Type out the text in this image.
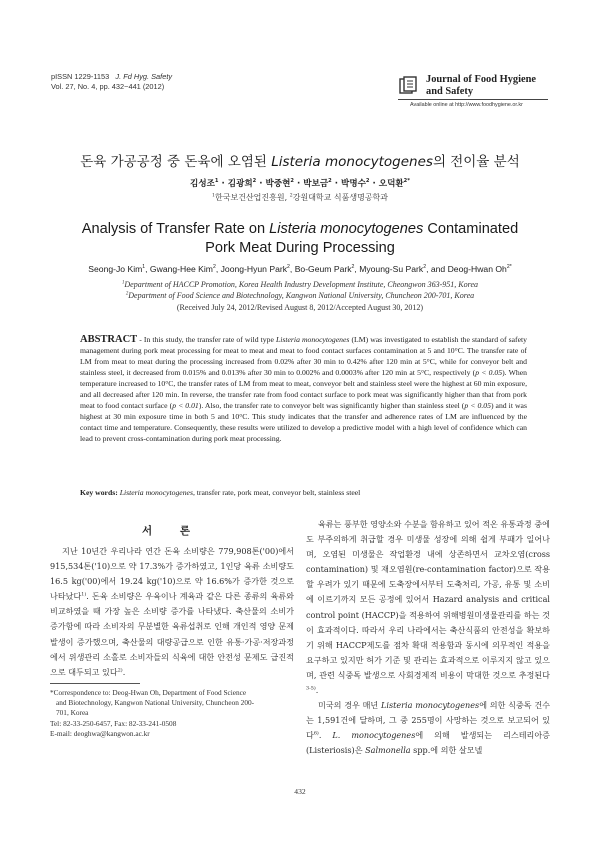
pISSN 1229-1153 J. Fd Hyg. Safety
Vol. 27, No. 4, pp. 432~441 (2012)
Journal of Food Hygiene
and Safety
Available online at http://www.foodhygiene.or.kr
돈육 가공공정 중 돈육에 오염된 Listeria monocytogenes의 전이율 분석
김성조$^1$ · 김광희$^2$ · 박중현$^2$ · 박보금$^2$ · 박명수$^2$ · 오덕환$^{2*}$
$^1$한국보건산업진흥원, $^2$강원대학교 식품생명공학과
Analysis of Transfer Rate on Listeria monocytogenes Contaminated
Pork Meat During Processing
Seong-Jo Kim$^1$, Gwang-Hee Kim$^2$, Joong-Hyun Park$^2$, Bo-Geum Park$^2$, Myoung-Su Park$^2$, and Deog-Hwan $Oh^{2*}$
$^1$Department of HACCP Promotion, Korea Health Industry Development Institute, Cheongwon 363-951, Korea
$^2$Department of Food Science and Biotechnology, Kangwon National University, Chuncheon 200-701, Korea
(Received July 24, 2012/Revised August 8, 2012/Accepted August 30, 2012)
ABSTRACT - In this study, the transfer rate of wild type Listeria monocytogenes (LM) was investigated to establish the standard of safety management during pork meat processing for meat to meat and meat to food contact surfaces contamination at 5 and 10°C. The transfer rate of LM from meat to meat during the processing increased from 0.02% after 30 min to 0.42% after 120 min at 5°C, while for conveyor belt and stainless steel, it decreased from 0.015% and 0.013% after 30 min to 0.002% and 0.0003% after 120 min at 5°C, respectively (p < 0.05). When temperature increased to 10°C, the transfer rates of LM from meat to meat, conveyor belt and stainless steel were the highest at 60 min exposure, and all decreased after 120 min. In reverse, the transfer rate from food contact surface to pork meat was significantly higher than that from pork meat to food contact surface (p < 0.01). Also, the transfer rate to conveyor belt was significantly higher than stainless steel (p < 0.05) and it was highest at 30 min exposure time in both 5 and 10°C. This study indicates that the transfer and adherence rates of LM are influenced by the contact time and temperature. Consequently, these results were utilized to develop a predictive model with a high level of confidence which can lead to prevent cross-contamination during pork meat processing.
Key words: Listeria monocytogenes, transfer rate, pork meat, conveyor belt, stainless steel
서 론

지난 10년간 우리나라 연간 돈육 소비량은 779,908톤('00)에서 915,534톤('10)으로 약 17.3%가 증가하였고, 1인당 육류 소비량도 16.5 kg('00)에서 19.24 kg('10)으로 약 16.6%가 증가한 것으로 나타났다$^{1)}$. 돈육 소비량은 우육이나 계육과 같은 다른 종류의 육류와 비교하였을 때 가장 높은 소비량 증가를 나타냈다. 축산물의 소비가 증가함에 따라 소비자의 무분별한 육류섭취로 인해 개인적 영양 문제 발생이 증가했으며, 축산물의 대량공급으로 인한 유통·가공·저장과정에서 위생관리 소홀로 소비자들의 식육에 대한 안전성 문제도 급진적으로 대두되고 있다$^{2)}$.

육류는 풍부한 영양소와 수분을 함유하고 있어 적온 유통과정 중에도 부주의하게 취급할 경우 미생물 성장에 의해 쉽게 부패가 일어나며, 오염된 미생물은 작업환경 내에 상존하면서 교차오염(cross contamination) 및 재오염원(re-contamination factor)으로 작용할 우려가 있기 때문에 도축장에서부터 도축처리, 가공, 유통 및 소비에 이르기까지 모든 공정에 있어서 Hazard analysis and critical control point (HACCP)을 적용하여 위해병원미생물관리를 하는 것이 효과적이다. 따라서 우리 나라에서는 축산식품의 안전성을 확보하기 위해 HACCP제도를 점차 확대 적용함과 동시에 의무적인 적용을 요구하고 있지만 허가 기준 및 관리는 효과적으로 이루지지 않고 있으며, 관련 식중독 발생으로 사회경제적 비용이 막대한 것으로 추정된다$^{3-5)}$.

미국의 경우 매년 Listeria monocytogenes에 의한 식중독 건수는 1,591건에 달하며, 그 중 255명이 사망하는 것으로 보고되어 있다$^{6)}$. L. monocytogenes에 의해 발생되는 리스테리아증(Listeriosis)은 Salmonella spp.에 의한 살모넬

*Correspondence to: Deog-Hwan Oh, Department of Food Science
and Biotechnology, Kangwon National University, Chuncheon 200-
701, Korea
Tel: 82-33-250-6457, Fax: 82-33-241-0508
E-mail: deoghwa@kangwon.ac.kr
432
